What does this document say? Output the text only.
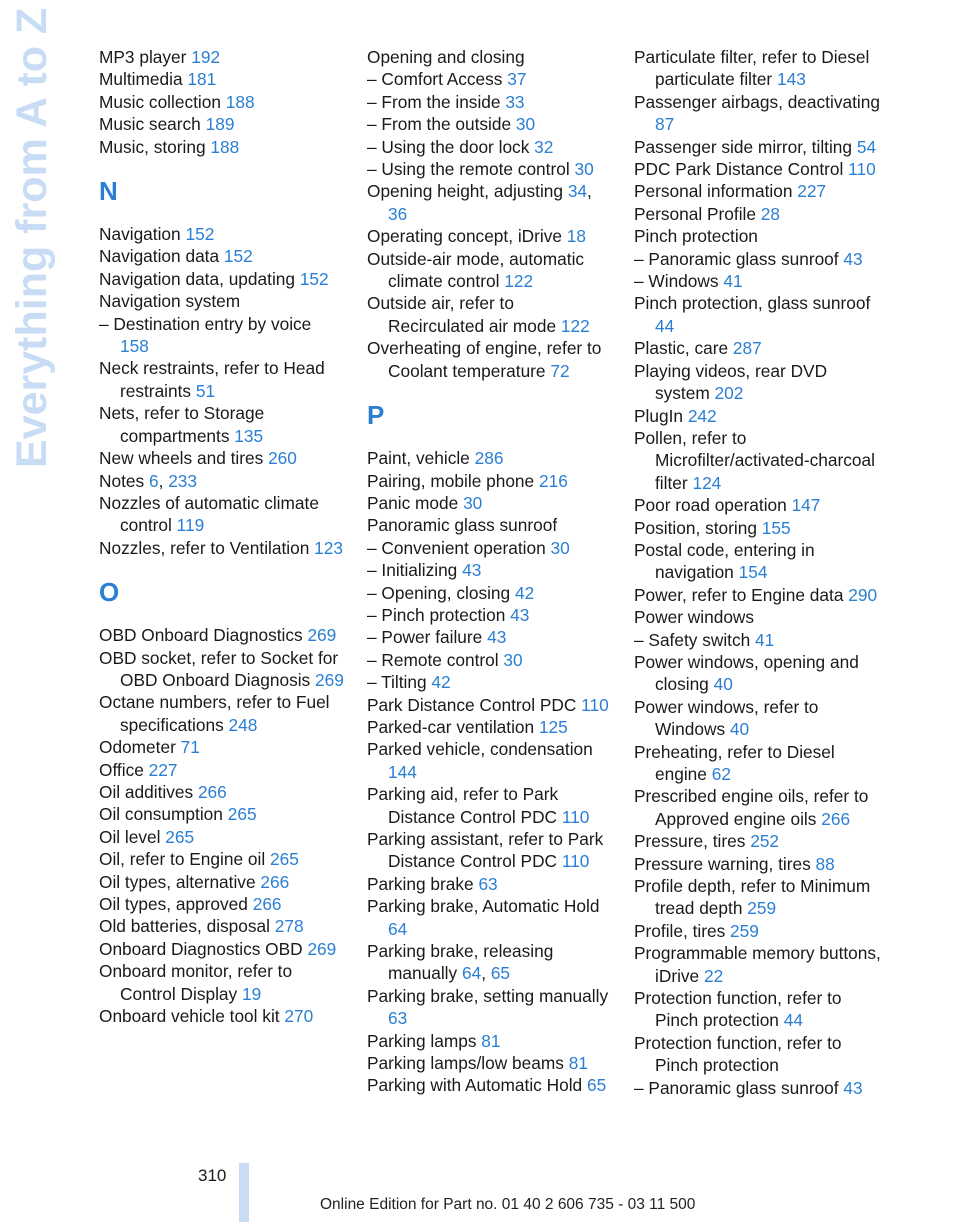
Everything from A to Z MP3 player 192
Multimedia 181
Music collection 188
Music search 189
Music, storing 188
N
Navigation 152
Navigation data 152
Navigation data, updating 152
Navigation system
– Destination entry by voice 158
Neck restraints, refer to Head restraints 51
Nets, refer to Storage compartments 135
New wheels and tires 260
Notes 6, 233
Nozzles of automatic climate control 119
Nozzles, refer to Ventilation 123
O
OBD Onboard Diagnostics 269
OBD socket, refer to Socket for OBD Onboard Diagnosis 269
Octane numbers, refer to Fuel specifications 248
Odometer 71
Office 227
Oil additives 266
Oil consumption 265
Oil level 265
Oil, refer to Engine oil 265
Oil types, alternative 266
Oil types, approved 266
Old batteries, disposal 278
Onboard Diagnostics OBD 269
Onboard monitor, refer to Control Display 19
Onboard vehicle tool kit 270
Opening and closing
– Comfort Access 37
– From the inside 33
– From the outside 30
– Using the door lock 32
– Using the remote control 30
Opening height, adjusting 34, 36
Operating concept, iDrive 18
Outside-air mode, automatic climate control 122
Outside air, refer to Recirculated air mode 122
Overheating of engine, refer to Coolant temperature 72
P
Paint, vehicle 286
Pairing, mobile phone 216
Panic mode 30
Panoramic glass sunroof
– Convenient operation 30
– Initializing 43
– Opening, closing 42
– Pinch protection 43
– Power failure 43
– Remote control 30
– Tilting 42
Park Distance Control PDC 110
Parked-car ventilation 125
Parked vehicle, condensation 144
Parking aid, refer to Park Distance Control PDC 110
Parking assistant, refer to Park Distance Control PDC 110
Parking brake 63
Parking brake, Automatic Hold 64
Parking brake, releasing manually 64, 65
Parking brake, setting manually 63
Parking lamps 81
Parking lamps/low beams 81
Parking with Automatic Hold 65
Particulate filter, refer to Diesel particulate filter 143
Passenger airbags, deactivating 87
Passenger side mirror, tilting 54
PDC Park Distance Control 110
Personal information 227
Personal Profile 28
Pinch protection
– Panoramic glass sunroof 43
– Windows 41
Pinch protection, glass sunroof 44
Plastic, care 287
Playing videos, rear DVD system 202
PlugIn 242
Pollen, refer to Microfilter/activated-charcoal filter 124
Poor road operation 147
Position, storing 155
Postal code, entering in navigation 154
Power, refer to Engine data 290
Power windows
– Safety switch 41
Power windows, opening and closing 40
Power windows, refer to Windows 40
Preheating, refer to Diesel engine 62
Prescribed engine oils, refer to Approved engine oils 266
Pressure, tires 252
Pressure warning, tires 88
Profile depth, refer to Minimum tread depth 259
Profile, tires 259
Programmable memory buttons, iDrive 22
Protection function, refer to Pinch protection 44
Protection function, refer to Pinch protection
– Panoramic glass sunroof 43
310
Online Edition for Part no. 01 40 2 606 735 - 03 11 500
